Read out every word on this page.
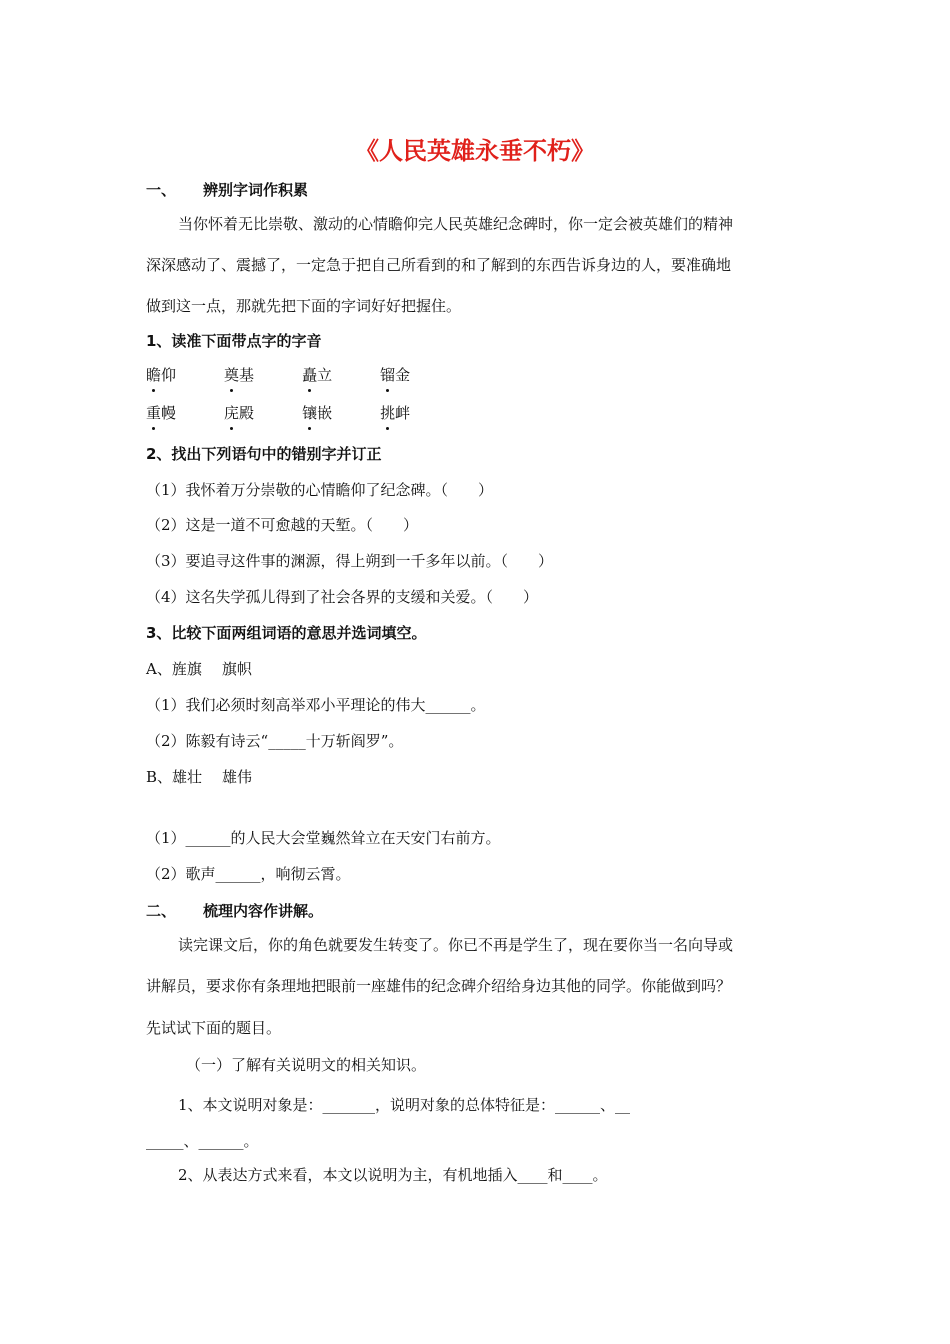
《人民英雄永垂不朽》
一、 辨别字词作积累
当你怀着无比崇敬、激动的心情瞻仰完人民英雄纪念碑时，你一定会被英雄们的精神
深深感动了、震撼了，一定急于把自己所看到的和了解到的东西告诉身边的人，要准确地
做到这一点，那就先把下面的字词好好把握住。
1、读准下面带点字的字音
瞻仰	奠基	矗立	镏金
重幔	庑殿	镶嵌	挑衅
2、找出下列语句中的错别字并订正
（1）我怀着万分崇敬的心情瞻仰了纪念碑。（　　）
（2）这是一道不可愈越的天堑。（　　）
（3）要追寻这件事的渊源，得上朔到一千多年以前。（　　）
（4）这名失学孤儿得到了社会各界的支缓和关爱。（　　）
3、比较下面两组词语的意思并选词填空。
A、旌旗 旗帜
（1）我们必须时刻高举邓小平理论的伟大______。
（2）陈毅有诗云“_____十万斩阎罗”。
B、雄壮 雄伟
（1）______的人民大会堂巍然耸立在天安门右前方。
（2）歌声______，响彻云霄。
二、 梳理内容作讲解。
读完课文后，你的角色就要发生转变了。你已不再是学生了，现在要你当一名向导或
讲解员，要求你有条理地把眼前一座雄伟的纪念碑介绍给身边其他的同学。你能做到吗？
先试试下面的题目。
（一）了解有关说明文的相关知识。
1、本文说明对象是：_______，说明对象的总体特征是：______、__
_____、______。
2、从表达方式来看，本文以说明为主，有机地插入____和____。
